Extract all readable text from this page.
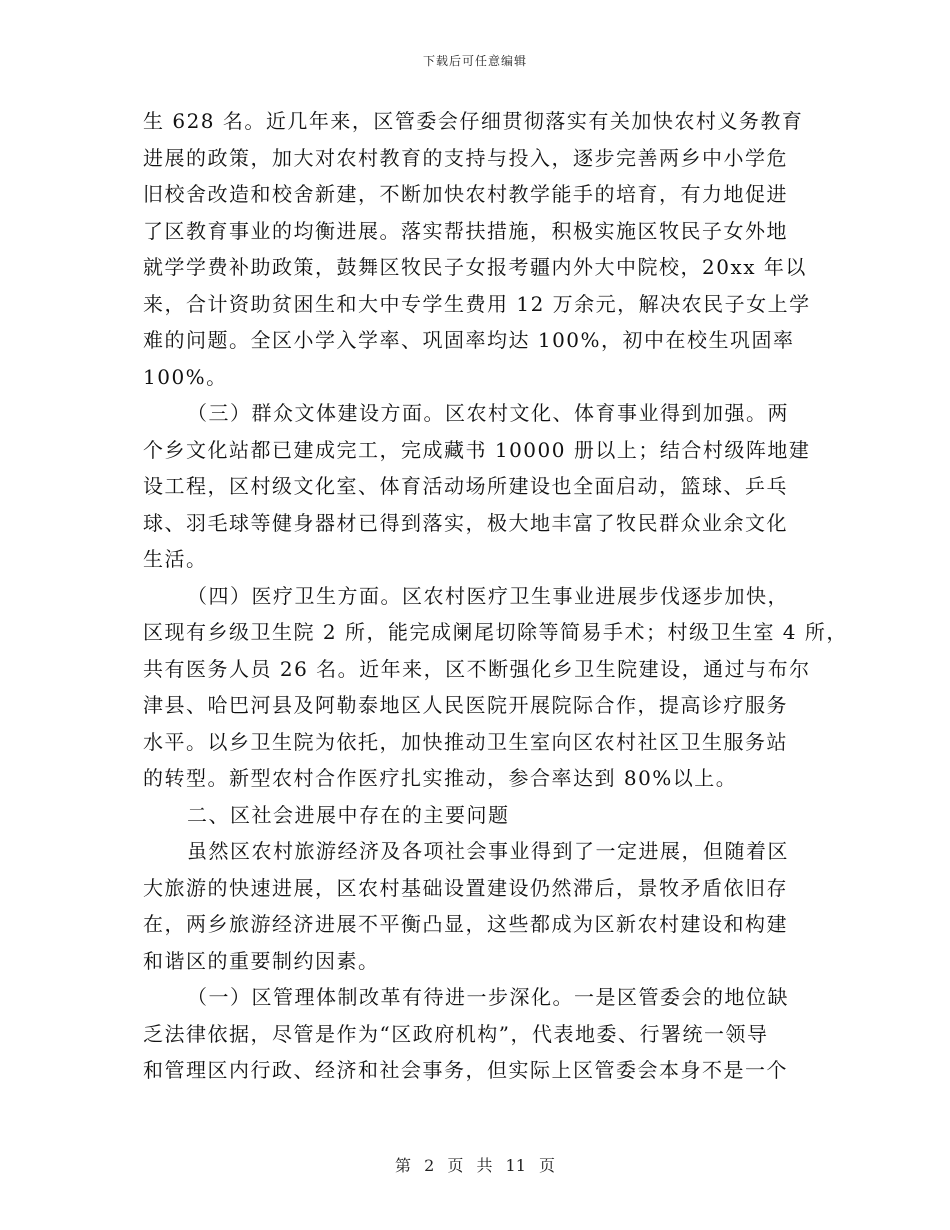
下载后可任意编辑
生 628 名。近几年来，区管委会仔细贯彻落实有关加快农村义务教育
进展的政策，加大对农村教育的支持与投入，逐步完善两乡中小学危
旧校舍改造和校舍新建，不断加快农村教学能手的培育，有力地促进
了区教育事业的均衡进展。落实帮扶措施，积极实施区牧民子女外地
就学学费补助政策，鼓舞区牧民子女报考疆内外大中院校，20xx 年以
来，合计资助贫困生和大中专学生费用 12 万余元，解决农民子女上学
难的问题。全区小学入学率、巩固率均达 100%，初中在校生巩固率
100%。
（三）群众文体建设方面。区农村文化、体育事业得到加强。两
个乡文化站都已建成完工，完成藏书 10000 册以上；结合村级阵地建
设工程，区村级文化室、体育活动场所建设也全面启动，篮球、乒乓
球、羽毛球等健身器材已得到落实，极大地丰富了牧民群众业余文化
生活。
（四）医疗卫生方面。区农村医疗卫生事业进展步伐逐步加快，
区现有乡级卫生院 2 所，能完成阑尾切除等简易手术；村级卫生室 4 所，
共有医务人员 26 名。近年来，区不断强化乡卫生院建设，通过与布尔
津县、哈巴河县及阿勒泰地区人民医院开展院际合作，提高诊疗服务
水平。以乡卫生院为依托，加快推动卫生室向区农村社区卫生服务站
的转型。新型农村合作医疗扎实推动，参合率达到 80%以上。
二、区社会进展中存在的主要问题
虽然区农村旅游经济及各项社会事业得到了一定进展，但随着区
大旅游的快速进展，区农村基础设置建设仍然滞后，景牧矛盾依旧存
在，两乡旅游经济进展不平衡凸显，这些都成为区新农村建设和构建
和谐区的重要制约因素。
（一）区管理体制改革有待进一步深化。一是区管委会的地位缺
乏法律依据，尽管是作为“区政府机构”，代表地委、行署统一领导
和管理区内行政、经济和社会事务，但实际上区管委会本身不是一个
第 2 页 共 11 页
